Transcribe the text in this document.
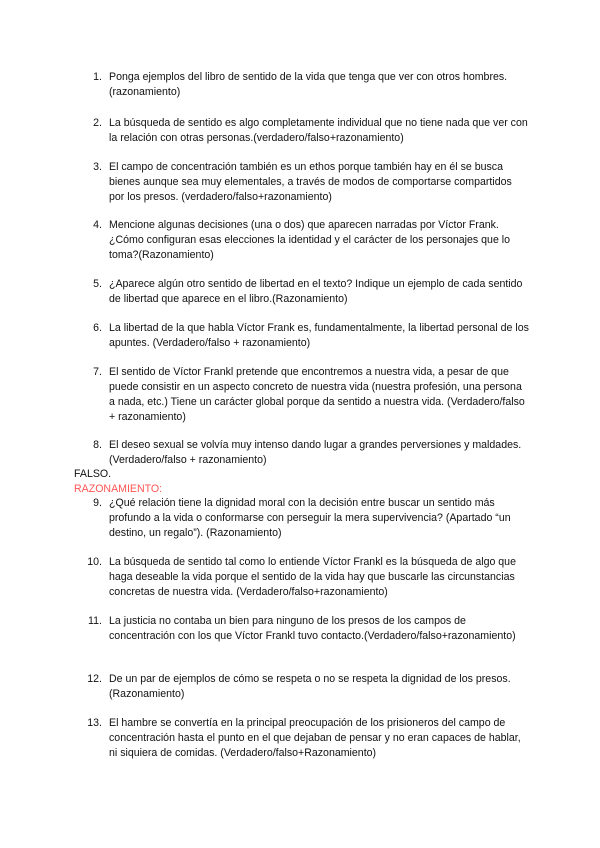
1. Ponga ejemplos del libro de sentido de la vida que tenga que ver con otros hombres.(razonamiento)
2. La búsqueda de sentido es algo completamente individual que no tiene nada que ver con la relación con otras personas.(verdadero/falso+razonamiento)
3. El campo de concentración también es un ethos porque también hay en él se busca bienes aunque sea muy elementales, a través de modos de comportarse compartidos por los presos. (verdadero/falso+razonamiento)
4. Mencione algunas decisiones (una o dos) que aparecen narradas por Víctor Frank.¿Cómo configuran esas elecciones la identidad y el carácter de los personajes que lo toma?(Razonamiento)
5. ¿Aparece algún otro sentido de libertad en el texto? Indique un ejemplo de cada sentido de libertad que aparece en el libro.(Razonamiento)
6. La libertad de la que habla Víctor Frank es, fundamentalmente, la libertad personal de los apuntes. (Verdadero/falso + razonamiento)
7. El sentido de Víctor Frankl pretende que encontremos a nuestra vida, a pesar de que puede consistir en un aspecto concreto de nuestra vida (nuestra profesión, una persona a nada, etc.) Tiene un carácter global porque da sentido a nuestra vida. (Verdadero/falso + razonamiento)
8. El deseo sexual se volvía muy intenso dando lugar a grandes perversiones y maldades. (Verdadero/falso + razonamiento)
FALSO.
RAZONAMIENTO:
9. ¿Qué relación tiene la dignidad moral con la decisión entre buscar un sentido más profundo a la vida o conformarse con perseguir la mera supervivencia? (Apartado “un destino, un regalo”). (Razonamiento)
10. La búsqueda de sentido tal como lo entiende Víctor Frankl es la búsqueda de algo que haga deseable la vida porque el sentido de la vida hay que buscarle las circunstancias concretas de nuestra vida. (Verdadero/falso+razonamiento)
11. La justicia no contaba un bien para ninguno de los presos de los campos de concentración con los que Víctor Frankl tuvo contacto.(Verdadero/falso+razonamiento)
12. De un par de ejemplos de cómo se respeta o no se respeta la dignidad de los presos. (Razonamiento)
13. El hambre se convertía en la principal preocupación de los prisioneros del campo de concentración hasta el punto en el que dejaban de pensar y no eran capaces de hablar, ni siquiera de comidas. (Verdadero/falso+Razonamiento)
